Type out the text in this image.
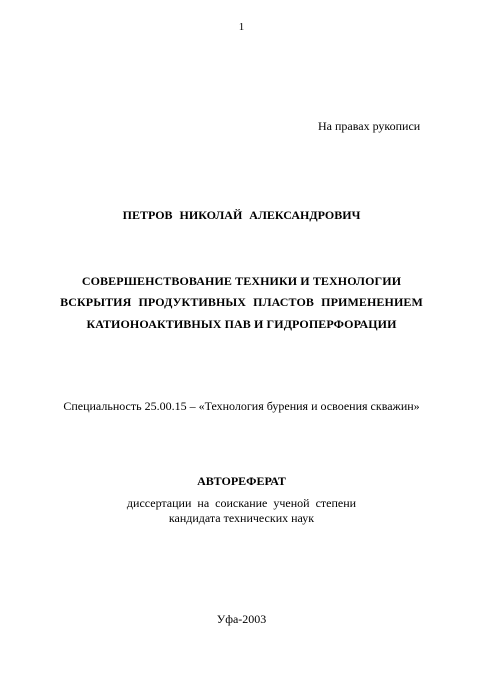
1
На правах рукописи
ПЕТРОВ НИКОЛАЙ АЛЕКСАНДРОВИЧ
СОВЕРШЕНСТВОВАНИЕ ТЕХНИКИ И ТЕХНОЛОГИИ
ВСКРЫТИЯ ПРОДУКТИВНЫХ ПЛАСТОВ ПРИМЕНЕНИЕМ
КАТИОНОАКТИВНЫХ ПАВ И ГИДРОПЕРФОРАЦИИ
Специальность 25.00.15 – «Технология бурения и освоения скважин»
АВТОРЕФЕРАТ
диссертации на соискание ученой степени
кандидата технических наук
Уфа-2003
